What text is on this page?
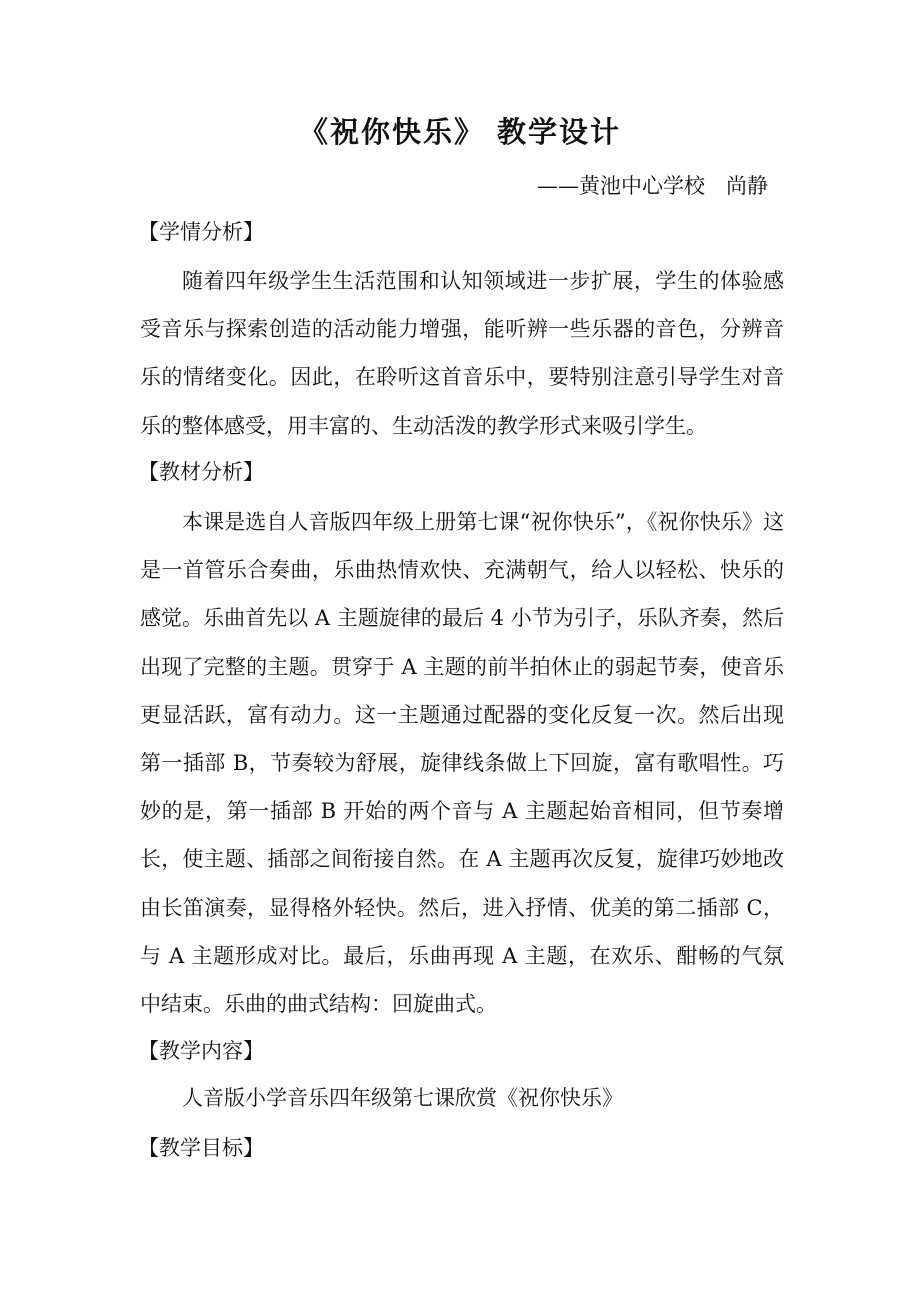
《祝你快乐》 教学设计
——黄池中心学校　尚静
【学情分析】
随着四年级学生生活范围和认知领域进一步扩展，学生的体验感受音乐与探索创造的活动能力增强，能听辨一些乐器的音色，分辨音乐的情绪变化。因此，在聆听这首音乐中，要特别注意引导学生对音乐的整体感受，用丰富的、生动活泼的教学形式来吸引学生。
【教材分析】
本课是选自人音版四年级上册第七课“祝你快乐”，《祝你快乐》这是一首管乐合奏曲，乐曲热情欢快、充满朝气，给人以轻松、快乐的感觉。乐曲首先以 A 主题旋律的最后 4 小节为引子，乐队齐奏，然后出现了完整的主题。贯穿于 A 主题的前半拍休止的弱起节奏，使音乐更显活跃，富有动力。这一主题通过配器的变化反复一次。然后出现第一插部 B，节奏较为舒展，旋律线条做上下回旋，富有歌唱性。巧妙的是，第一插部 B 开始的两个音与 A 主题起始音相同，但节奏增长，使主题、插部之间衔接自然。在 A 主题再次反复，旋律巧妙地改由长笛演奏，显得格外轻快。然后，进入抒情、优美的第二插部 C，与 A 主题形成对比。最后，乐曲再现 A 主题，在欢乐、酣畅的气氛中结束。乐曲的曲式结构：回旋曲式。
【教学内容】
人音版小学音乐四年级第七课欣赏《祝你快乐》
【教学目标】
